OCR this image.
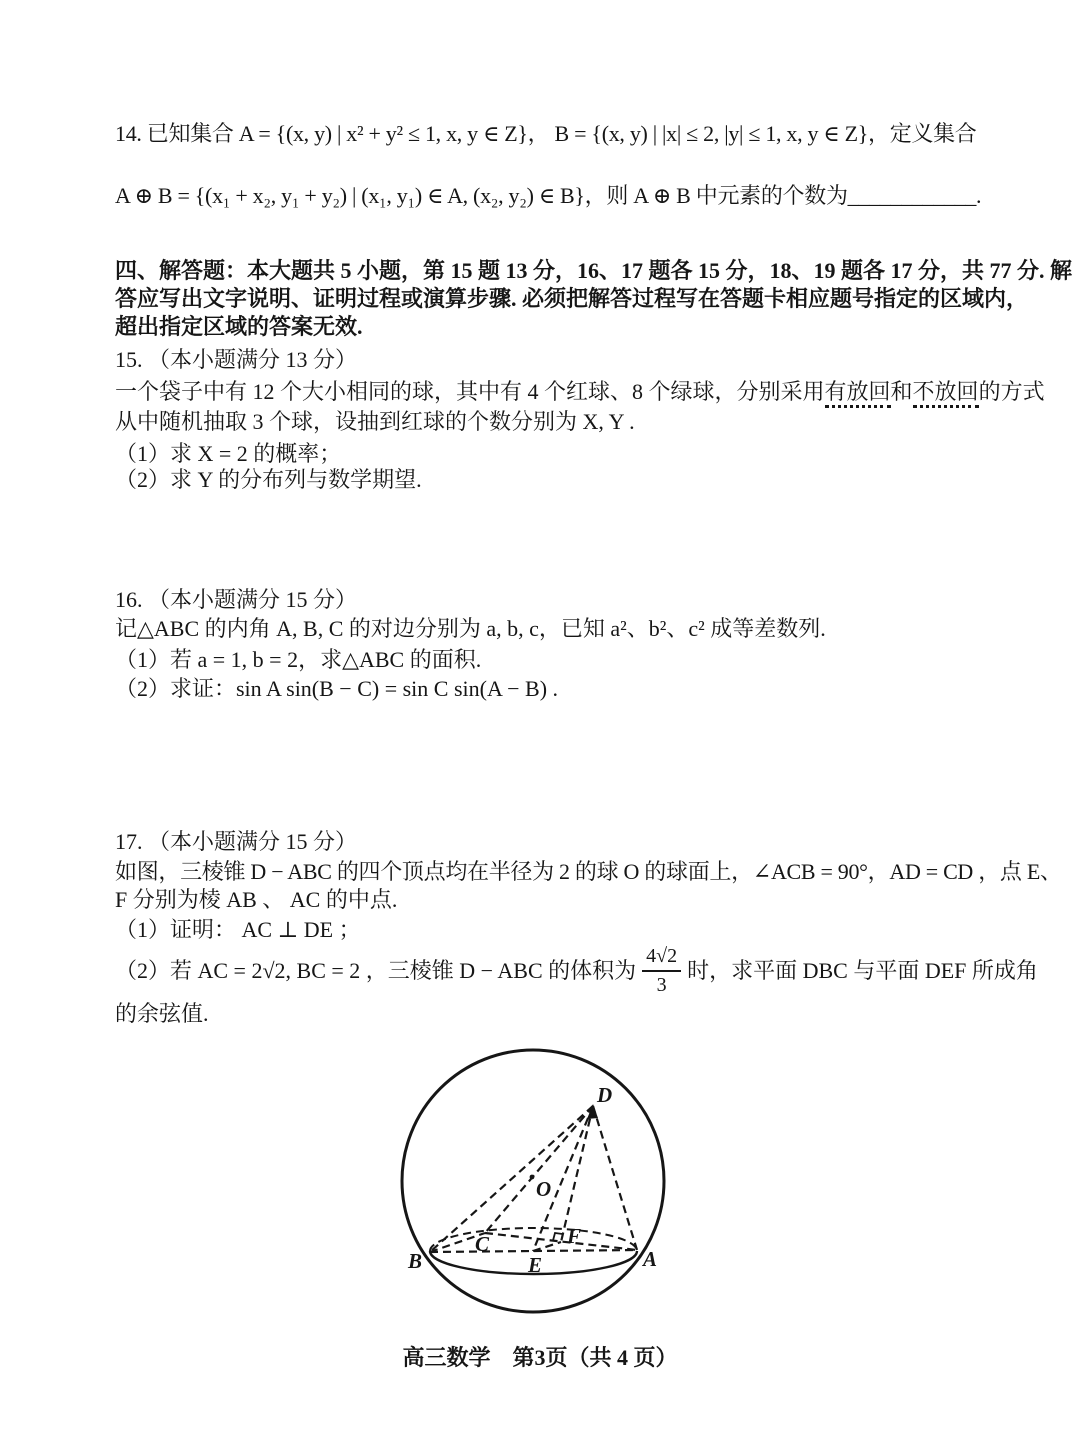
14. 已知集合 A = {(x, y) | x² + y² ≤ 1, x, y ∈ Z}， B = {(x, y) | |x| ≤ 2, |y| ≤ 1, x, y ∈ Z}，定义集合
A ⊕ B = {(x₁ + x₂, y₁ + y₂) | (x₁, y₁) ∈ A, (x₂, y₂) ∈ B}，则 A ⊕ B 中元素的个数为____________.
四、解答题：本大题共 5 小题，第 15 题 13 分，16、17 题各 15 分，18、19 题各 17 分，共 77 分. 解
答应写出文字说明、证明过程或演算步骤. 必须把解答过程写在答题卡相应题号指定的区域内，
超出指定区域的答案无效.
15. （本小题满分 13 分）
一个袋子中有 12 个大小相同的球，其中有 4 个红球、8 个绿球，分别采用有放回和不放回的方式
从中随机抽取 3 个球，设抽到红球的个数分别为 X, Y .
（1）求 X = 2 的概率；
（2）求 Y 的分布列与数学期望.
16. （本小题满分 15 分）
记△ABC 的内角 A, B, C 的对边分别为 a, b, c，已知 a²、b²、c² 成等差数列.
（1）若 a = 1, b = 2，求△ABC 的面积.
（2）求证：sin A sin(B − C) = sin C sin(A − B) .
17. （本小题满分 15 分）
如图，三棱锥 D − ABC 的四个顶点均在半径为 2 的球 O 的球面上，∠ACB = 90°，AD = CD ，点 E、
F 分别为棱 AB 、 AC 的中点.
（1）证明： AC ⊥ DE ；
（2）若 AC = 2√2, BC = 2 ，三棱锥 D − ABC 的体积为 $\frac{4√2}{3}$ 时，求平面 DBC 与平面 DEF 所成角
的余弦值.
D
O
B
C
E
F
A
高三数学　第3页（共 4 页）
